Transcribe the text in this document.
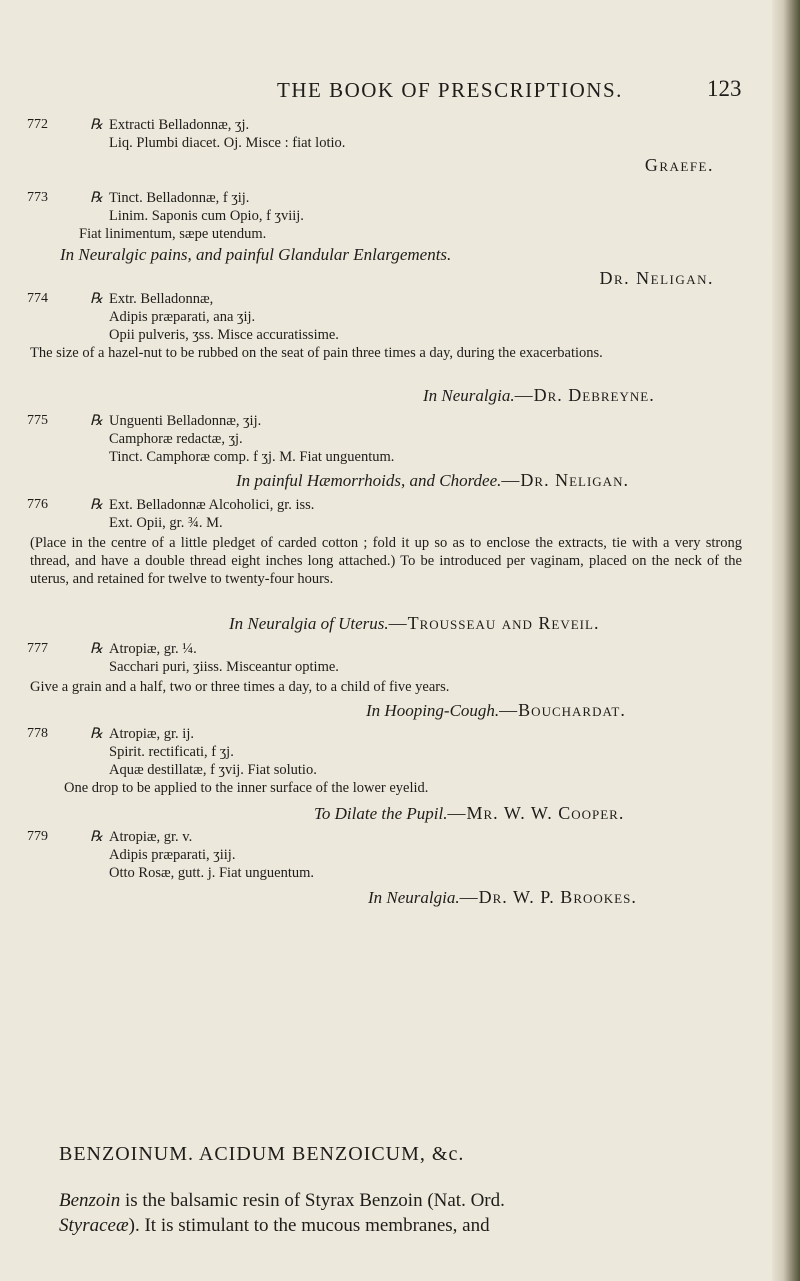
THE BOOK OF PRESCRIPTIONS.	123
772	℞ Extracti Belladonnæ, ʒj.
Liq. Plumbi diacet. Oj. Misce : fiat lotio.
Graefe.
773	℞ Tinct. Belladonnæ, f ʒij.
Linim. Saponis cum Opio, f ʒviij.
Fiat linimentum, sæpe utendum.
In Neuralgic pains, and painful Glandular Enlargements.
Dr. Neligan.
774	℞ Extr. Belladonnæ,
Adipis præparati, ana ʒij.
Opii pulveris, ʒss. Misce accuratissime.
The size of a hazel-nut to be rubbed on the seat of pain three times a day, during the exacerbations.
In Neuralgia.—Dr. Debreyne.
775	℞ Unguenti Belladonnæ, ʒij.
Camphoræ redactæ, ʒj.
Tinct. Camphoræ comp. f ʒj. M. Fiat unguentum.
In painful Hæmorrhoids, and Chordee.—Dr. Neligan.
776	℞ Ext. Belladonnæ Alcoholici, gr. iss.
Ext. Opii, gr. ¾. M.
(Place in the centre of a little pledget of carded cotton ; fold it up so as to enclose the extracts, tie with a very strong thread, and have a double thread eight inches long attached.) To be introduced per vaginam, placed on the neck of the uterus, and retained for twelve to twenty-four hours.
In Neuralgia of Uterus.—Trousseau and Reveil.
777	℞ Atropiæ, gr. ¼.
Sacchari puri, ʒiiss. Misceantur optime.
Give a grain and a half, two or three times a day, to a child of five years.
In Hooping-Cough.—Bouchardat.
778	℞ Atropiæ, gr. ij.
Spirit. rectificati, f ʒj.
Aquæ destillatæ, f ʒvij. Fiat solutio.
One drop to be applied to the inner surface of the lower eyelid.
To Dilate the Pupil.—Mr. W. W. Cooper.
779	℞ Atropiæ, gr. v.
Adipis præparati, ʒiij.
Otto Rosæ, gutt. j. Fiat unguentum.
In Neuralgia.—Dr. W. P. Brookes.
BENZOINUM. ACIDUM BENZOICUM, &c.
Benzoin is the balsamic resin of Styrax Benzoin (Nat. Ord.
Styraceæ). It is stimulant to the mucous membranes, and
